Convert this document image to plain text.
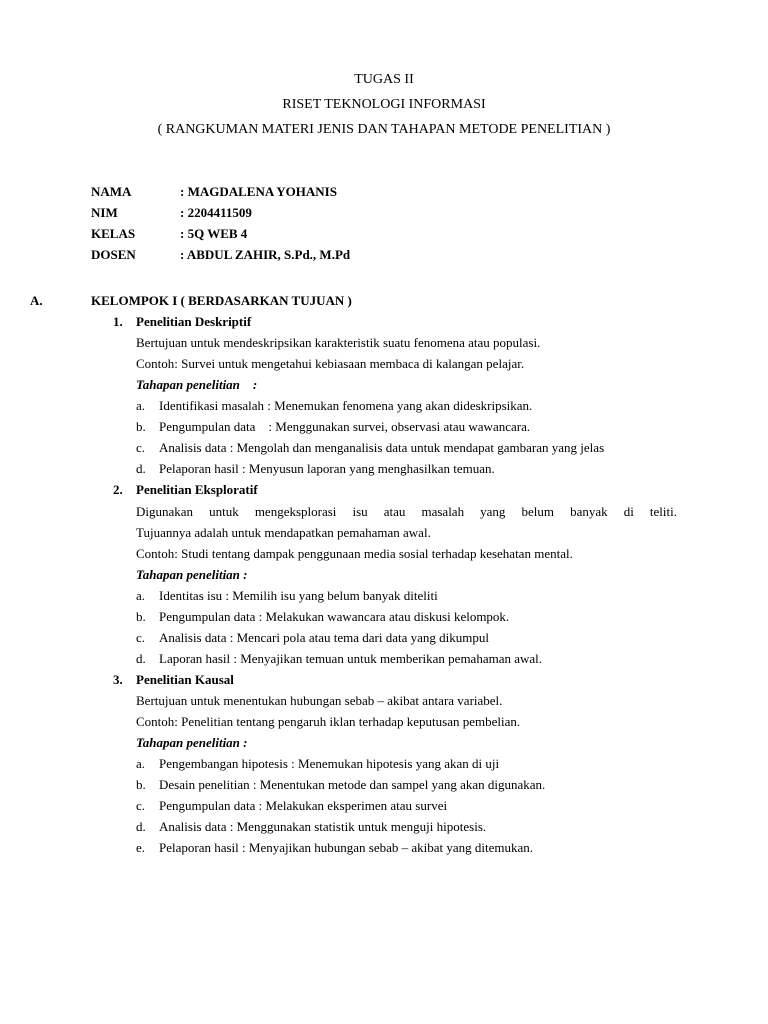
TUGAS II
RISET TEKNOLOGI INFORMASI
( RANGKUMAN MATERI JENIS DAN TAHAPAN METODE PENELITIAN )
NAMA	: MAGDALENA YOHANIS
NIM	: 2204411509
KELAS	: 5Q WEB 4
DOSEN	: ABDUL ZAHIR, S.Pd., M.Pd
A.	KELOMPOK I ( BERDASARKAN TUJUAN )
1. Penelitian Deskriptif
Bertujuan untuk mendeskripsikan karakteristik suatu fenomena atau populasi.
Contoh: Survei untuk mengetahui kebiasaan membaca di kalangan pelajar.
Tahapan penelitian    :
a. Identifikasi masalah : Menemukan fenomena yang akan dideskripsikan.
b. Pengumpulan data    : Menggunakan survei, observasi atau wawancara.
c. Analisis data : Mengolah dan menganalisis data untuk mendapat gambaran yang jelas
d. Pelaporan hasil : Menyusun laporan yang menghasilkan temuan.
2. Penelitian Eksploratif
Digunakan untuk mengeksplorasi isu atau masalah yang belum banyak di teliti.
Tujuannya adalah untuk mendapatkan pemahaman awal.
Contoh: Studi tentang dampak penggunaan media sosial terhadap kesehatan mental.
Tahapan penelitian :
a. Identitas isu : Memilih isu yang belum banyak diteliti
b. Pengumpulan data : Melakukan wawancara atau diskusi kelompok.
c. Analisis data : Mencari pola atau tema dari data yang dikumpul
d. Laporan hasil : Menyajikan temuan untuk memberikan pemahaman awal.
3. Penelitian Kausal
Bertujuan untuk menentukan hubungan sebab – akibat antara variabel.
Contoh: Penelitian tentang pengaruh iklan terhadap keputusan pembelian.
Tahapan penelitian :
a. Pengembangan hipotesis : Menemukan hipotesis yang akan di uji
b. Desain penelitian : Menentukan metode dan sampel yang akan digunakan.
c. Pengumpulan data : Melakukan eksperimen atau survei
d. Analisis data : Menggunakan statistik untuk menguji hipotesis.
e. Pelaporan hasil : Menyajikan hubungan sebab – akibat yang ditemukan.
